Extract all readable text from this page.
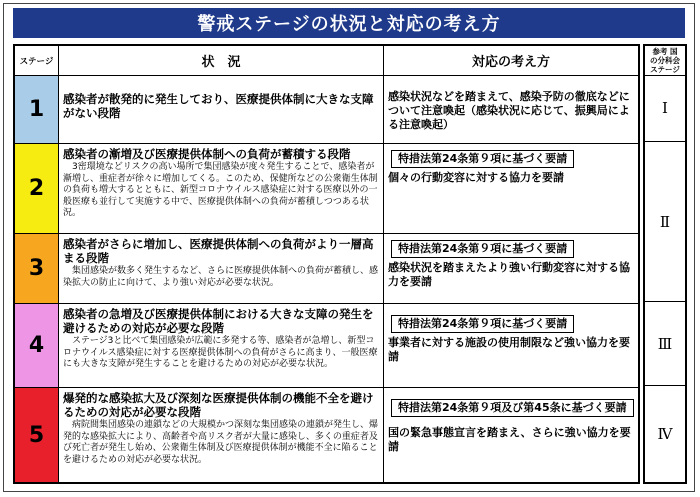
警戒ステージの状況と対応の考え方
ステージ	状　況	対応の考え方
1 感染者が散発的に発生しており、医療提供体制に大きな支障がない段階
感染状況などを踏まえて、感染予防の徹底などについて注意喚起（感染状況に応じて、振興局による注意喚起）
2
感染者の漸増及び医療提供体制への負荷が蓄積する段階
　3密環境などリスクの高い場所で集団感染が度々発生することで、感染者が漸増し、重症者が徐々に増加してくる。このため、保健所などの公衆衛生体制の負荷も増大するとともに、新型コロナウイルス感染症に対する医療以外の一般医療も並行して実施する中で、医療提供体制への負荷が蓄積しつつある状況。
特措法第24条第９項に基づく要請
個々の行動変容に対する協力を要請
3
感染者がさらに増加し、医療提供体制への負荷がより一層高まる段階
　集団感染が数多く発生するなど、さらに医療提供体制への負荷が蓄積し、感染拡大の防止に向けて、より強い対応が必要な状況。
特措法第24条第９項に基づく要請
感染状況を踏まえたより強い行動変容に対する協力を要請
4
感染者の急増及び医療提供体制における大きな支障の発生を避けるための対応が必要な段階
　ステージ3と比べて集団感染が広範に多発する等、感染者が急増し、新型コロナウイルス感染症に対する医療提供体制への負荷がさらに高まり、一般医療にも大きな支障が発生することを避けるための対応が必要な状況。
特措法第24条第９項に基づく要請
事業者に対する施設の使用制限など強い協力を要請
5
爆発的な感染拡大及び深刻な医療提供体制の機能不全を避けるための対応が必要な段階
　病院間集団感染の連鎖などの大規模かつ深刻な集団感染の連鎖が発生し、爆発的な感染拡大により、高齢者や高リスク者が大量に感染し、多くの重症者及び死亡者が発生し始め、公衆衛生体制及び医療提供体制が機能不全に陥ることを避けるための対応が必要な状況。
特措法第24条第９項及び第45条に基づく要請
国の緊急事態宣言を踏まえ、さらに強い協力を要請
参考 国
の分科会
ステージ
Ⅰ
Ⅱ
Ⅲ
Ⅳ
